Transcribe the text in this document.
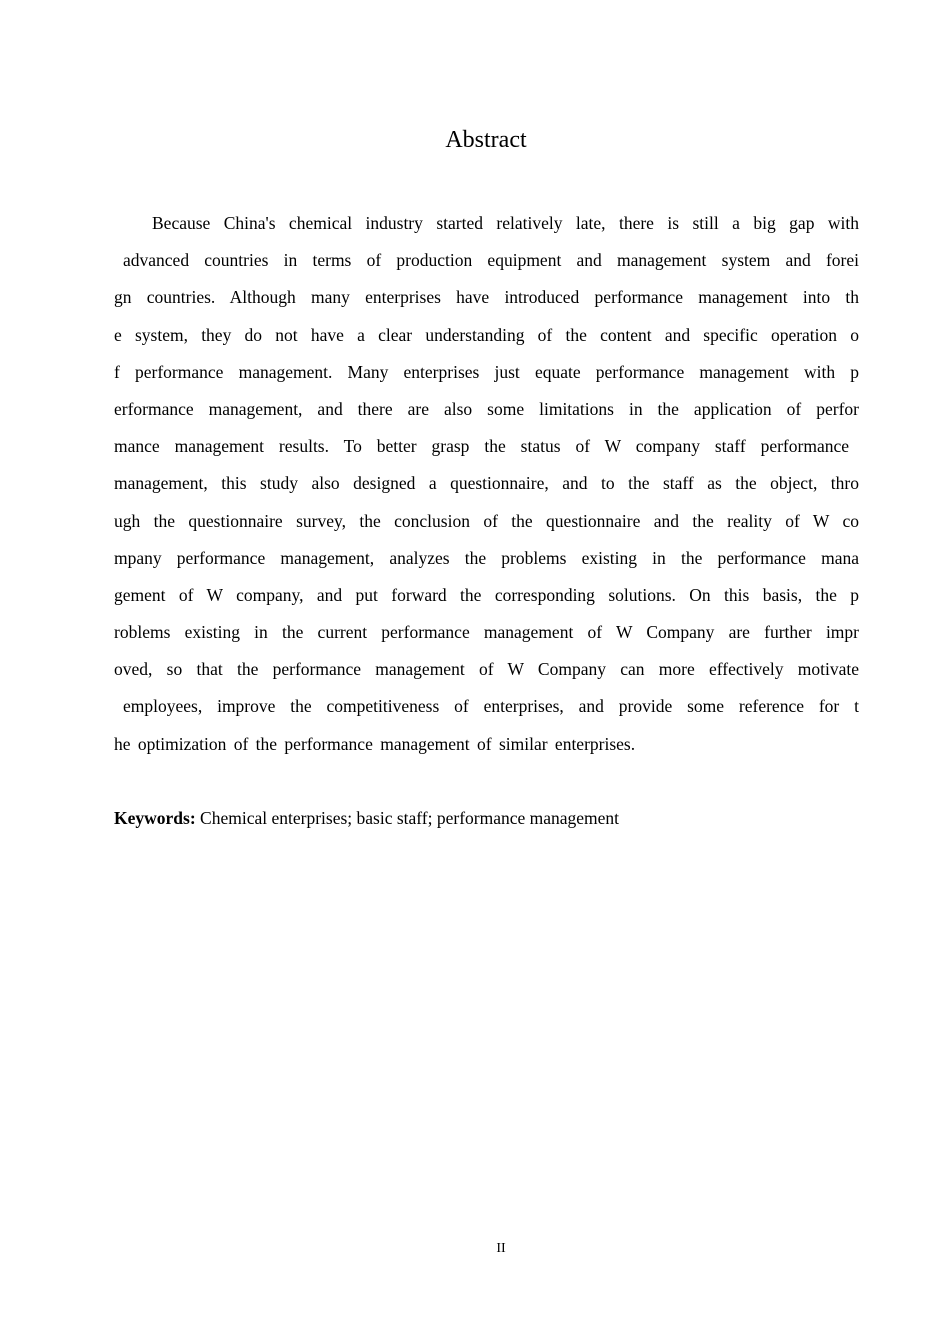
Abstract
Because China's chemical industry started relatively late, there is still a big gap with
advanced countries in terms of production equipment and management system and forei
gn countries. Although many enterprises have introduced performance management into th
e system, they do not have a clear understanding of the content and specific operation o
f performance management. Many enterprises just equate performance management with p
erformance management, and there are also some limitations in the application of perfor
mance management results. To better grasp the status of W company staff performance
management, this study also designed a questionnaire, and to the staff as the object, thro
ugh the questionnaire survey, the conclusion of the questionnaire and the reality of W co
mpany performance management, analyzes the problems existing in the performance mana
gement of W company, and put forward the corresponding solutions. On this basis, the p
roblems existing in the current performance management of W Company are further impr
oved, so that the performance management of W Company can more effectively motivate
employees, improve the competitiveness of enterprises, and provide some reference for t
he optimization of the performance management of similar enterprises.

Keywords: Chemical enterprises; basic staff; performance management

II
